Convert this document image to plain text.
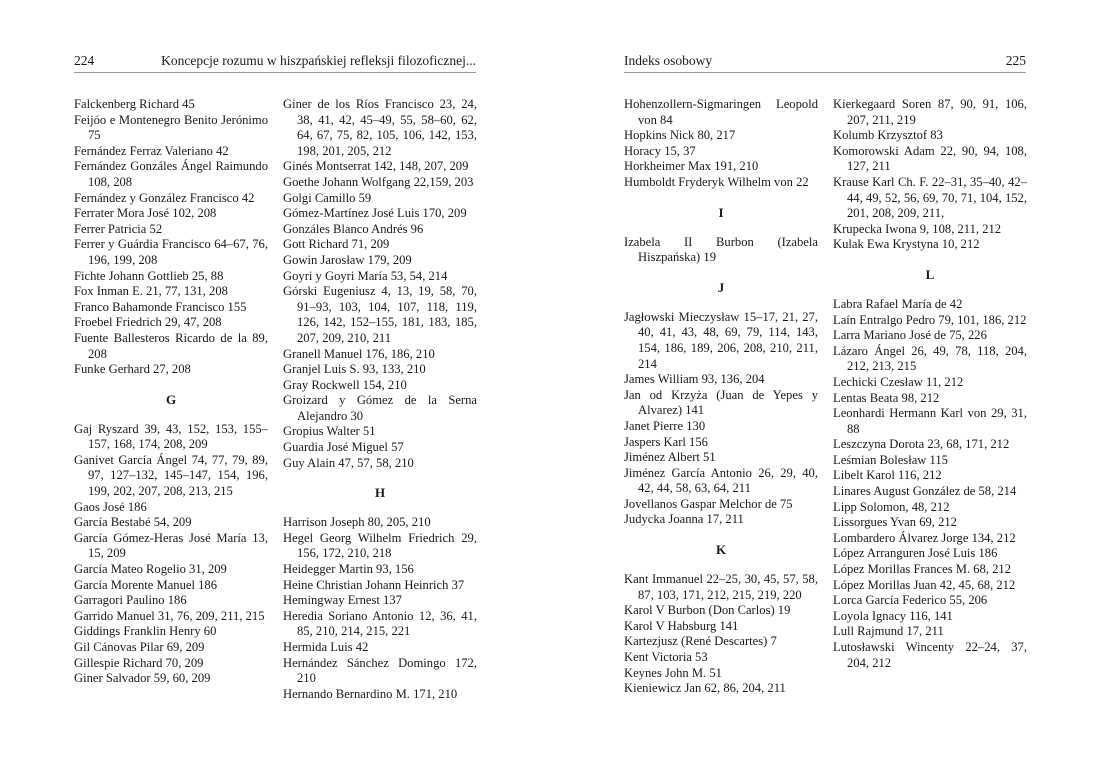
224	Koncepcje rozumu w hiszpańskiej refleksji filozoficznej...
Falckenberg Richard 45
Feijóo e Montenegro Benito Jerónimo 75
Fernández Ferraz Valeriano 42
Fernández Gonzáles Ángel Raimundo 108, 208
Fernández y González Francisco 42
Ferrater Mora José 102, 208
Ferrer Patricia 52
Ferrer y Guárdia Francisco 64–67, 76, 196, 199, 208
Fichte Johann Gottlieb 25, 88
Fox Inman E. 21, 77, 131, 208
Franco Bahamonde Francisco 155
Froebel Friedrich 29, 47, 208
Fuente Ballesteros Ricardo de la 89, 208
Funke Gerhard 27, 208
G
Gaj Ryszard 39, 43, 152, 153, 155–157, 168, 174, 208, 209
Ganivet García Ángel 74, 77, 79, 89, 97, 127–132, 145–147, 154, 196, 199, 202, 207, 208, 213, 215
Gaos José 186
García Bestabé 54, 209
García Gómez-Heras José María 13, 15, 209
García Mateo Rogelio 31, 209
García Morente Manuel 186
Garragori Paulino 186
Garrido Manuel 31, 76, 209, 211, 215
Giddings Franklin Henry 60
Gil Cánovas Pilar 69, 209
Gillespie Richard 70, 209
Giner Salvador 59, 60, 209
Giner de los Ríos Francisco 23, 24, 38, 41, 42, 45–49, 55, 58–60, 62, 64, 67, 75, 82, 105, 106, 142, 153, 198, 201, 205, 212
Ginés Montserrat 142, 148, 207, 209
Goethe Johann Wolfgang 22,159, 203
Golgi Camillo 59
Gómez-Martínez José Luis 170, 209
Gonzáles Blanco Andrés 96
Gott Richard 71, 209
Gowin Jarosław 179, 209
Goyri y Goyri María 53, 54, 214
Górski Eugeniusz 4, 13, 19, 58, 70, 91–93, 103, 104, 107, 118, 119, 126, 142, 152–155, 181, 183, 185, 207, 209, 210, 211
Granell Manuel 176, 186, 210
Granjel Luis S. 93, 133, 210
Gray Rockwell 154, 210
Groizard y Gómez de la Serna Alejandro 30
Gropius Walter 51
Guardia José Miguel 57
Guy Alain 47, 57, 58, 210
H
Harrison Joseph 80, 205, 210
Hegel Georg Wilhelm Friedrich 29, 156, 172, 210, 218
Heidegger Martin 93, 156
Heine Christian Johann Heinrich 37
Hemingway Ernest 137
Heredia Soriano Antonio 12, 36, 41, 85, 210, 214, 215, 221
Hermida Luis 42
Hernández Sánchez Domingo 172, 210
Hernando Bernardino M. 171, 210
Indeks osobowy	225
Hohenzollern-Sigmaringen Leopold von 84
Hopkins Nick 80, 217
Horacy 15, 37
Horkheimer Max 191, 210
Humboldt Fryderyk Wilhelm von 22
I
Izabela II Burbon (Izabela Hiszpańska) 19
J
Jagłowski Mieczysław 15–17, 21, 27, 40, 41, 43, 48, 69, 79, 114, 143, 154, 186, 189, 206, 208, 210, 211, 214
James William 93, 136, 204
Jan od Krzyża (Juan de Yepes y Alvarez) 141
Janet Pierre 130
Jaspers Karl 156
Jiménez Albert 51
Jiménez García Antonio 26, 29, 40, 42, 44, 58, 63, 64, 211
Jovellanos Gaspar Melchor de 75
Judycka Joanna 17, 211
K
Kant Immanuel 22–25, 30, 45, 57, 58, 87, 103, 171, 212, 215, 219, 220
Karol V Burbon (Don Carlos) 19
Karol V Habsburg 141
Kartezjusz (René Descartes) 7
Kent Victoria 53
Keynes John M. 51
Kieniewicz Jan 62, 86, 204, 211
Kierkegaard Soren 87, 90, 91, 106, 207, 211, 219
Kolumb Krzysztof 83
Komorowski Adam 22, 90, 94, 108, 127, 211
Krause Karl Ch. F. 22–31, 35–40, 42–44, 49, 52, 56, 69, 70, 71, 104, 152, 201, 208, 209, 211,
Krupecka Iwona 9, 108, 211, 212
Kulak Ewa Krystyna 10, 212
L
Labra Rafael María de 42
Laín Entralgo Pedro 79, 101, 186, 212
Larra Mariano José de 75, 226
Lázaro Ángel 26, 49, 78, 118, 204, 212, 213, 215
Lechicki Czesław 11, 212
Lentas Beata 98, 212
Leonhardi Hermann Karl von 29, 31, 88
Leszczyna Dorota 23, 68, 171, 212
Leśmian Bolesław 115
Libelt Karol 116, 212
Linares August González de 58, 214
Lipp Solomon, 48, 212
Lissorgues Yvan 69, 212
Lombardero Álvarez Jorge 134, 212
López Arranguren José Luis 186
López Morillas Frances M. 68, 212
López Morillas Juan 42, 45, 68, 212
Lorca García Federico 55, 206
Loyola Ignacy 116, 141
Lull Rajmund 17, 211
Lutosławski Wincenty 22–24, 37, 204, 212
